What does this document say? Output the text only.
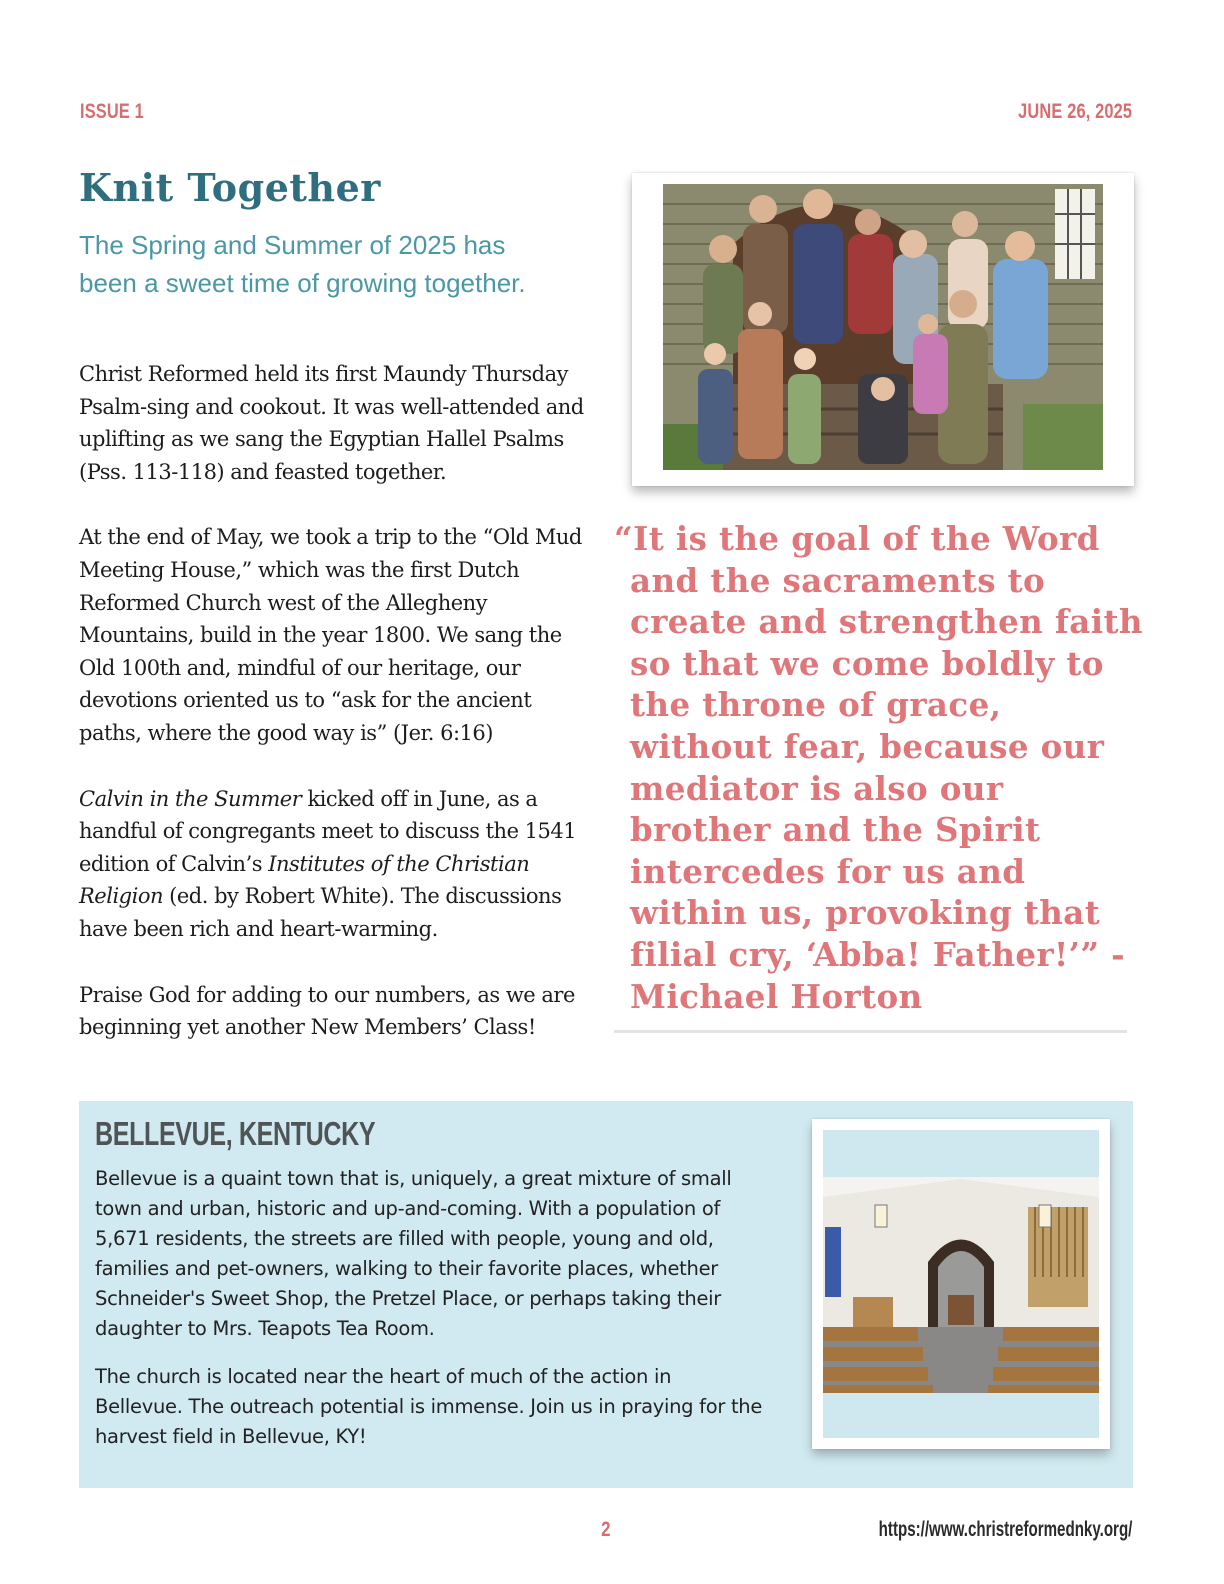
ISSUE 1	JUNE 26, 2025
Knit Together

The Spring and Summer of 2025 has been a sweet time of growing together.

Christ Reformed held its first Maundy Thursday Psalm-sing and cookout. It was well-attended and uplifting as we sang the Egyptian Hallel Psalms (Pss. 113-118) and feasted together.

At the end of May, we took a trip to the “Old Mud Meeting House,” which was the first Dutch Reformed Church west of the Allegheny Mountains, build in the year 1800. We sang the Old 100th and, mindful of our heritage, our devotions oriented us to “ask for the ancient paths, where the good way is” (Jer. 6:16)

Calvin in the Summer kicked off in June, as a handful of congregants meet to discuss the 1541 edition of Calvin’s Institutes of the Christian Religion (ed. by Robert White). The discussions have been rich and heart-warming.

Praise God for adding to our numbers, as we are beginning yet another New Members’ Class!

“It is the goal of the Word and the sacraments to create and strengthen faith so that we come boldly to the throne of grace, without fear, because our mediator is also our brother and the Spirit intercedes for us and within us, provoking that filial cry, ‘Abba! Father!’” - Michael Horton
BELLEVUE, KENTUCKY

Bellevue is a quaint town that is, uniquely, a great mixture of small town and urban, historic and up-and-coming. With a population of 5,671 residents, the streets are filled with people, young and old, families and pet-owners, walking to their favorite places, whether Schneider's Sweet Shop, the Pretzel Place, or perhaps taking their daughter to Mrs. Teapots Tea Room.

The church is located near the heart of much of the action in Bellevue. The outreach potential is immense. Join us in praying for the harvest field in Bellevue, KY!

2	https://www.christreformednky.org/
